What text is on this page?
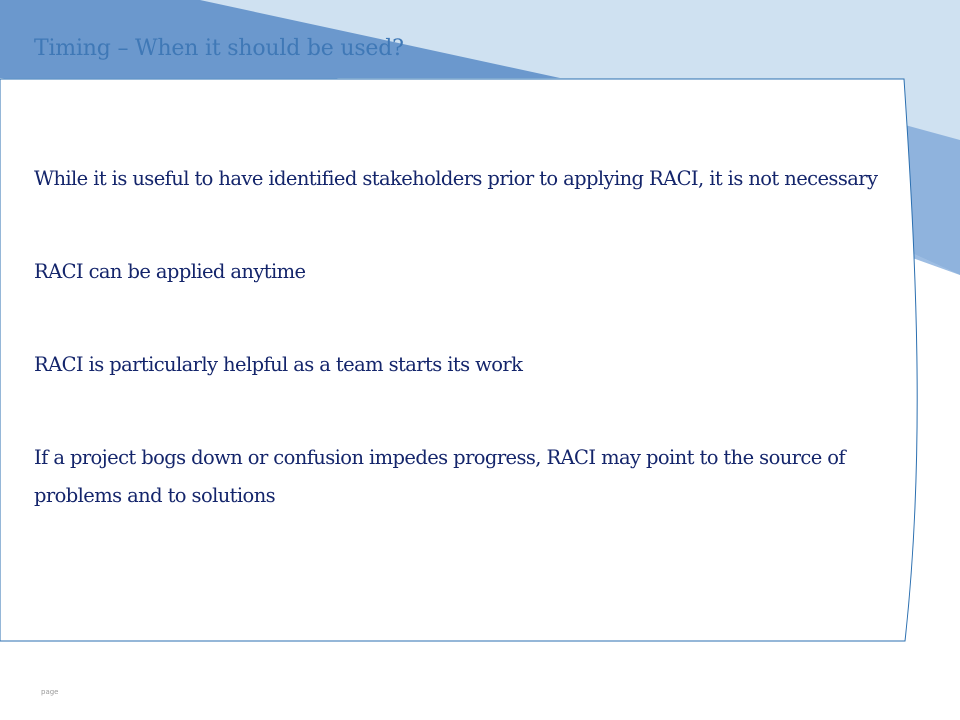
Timing – When it should be used?

While it is useful to have identified stakeholders prior to applying RACI, it is not necessary

RACI can be applied anytime

RACI is particularly helpful as a team starts its work

If a project bogs down or confusion impedes progress, RACI may point to the source of problems and to solutions

page
